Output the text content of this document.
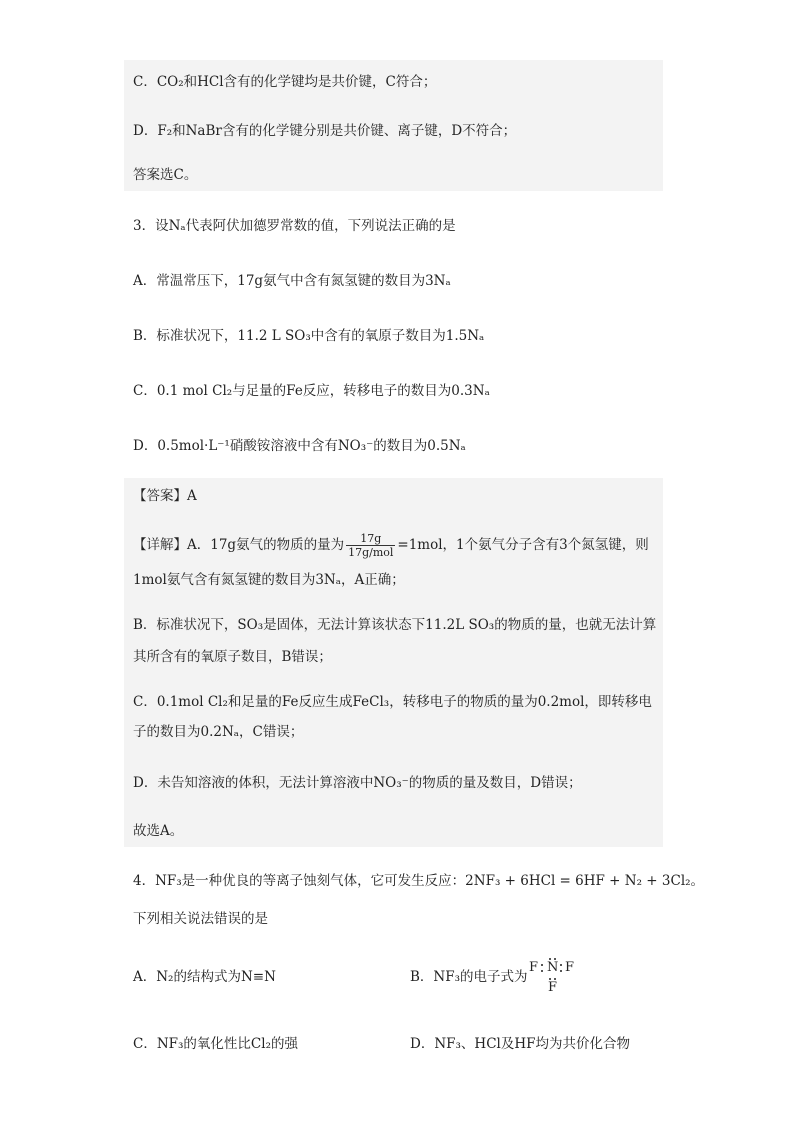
C．CO₂和HCl含有的化学键均是共价键，C符合；
D．F₂和NaBr含有的化学键分别是共价键、离子键，D不符合；
答案选C。
3．设Nₐ代表阿伏加德罗常数的值，下列说法正确的是
A．常温常压下，17g氨气中含有氮氢键的数目为3Nₐ
B．标准状况下，11.2 L SO₃中含有的氧原子数目为1.5Nₐ
C．0.1 mol Cl₂与足量的Fe反应，转移电子的数目为0.3Nₐ
D．0.5mol·L⁻¹硝酸铵溶液中含有NO₃⁻的数目为0.5Nₐ
【答案】A
【详解】A．17g氨气的物质的量为 $\frac{17g}{\text{17g/mol}} =1mol$，1个氨气分子含有3个氮氢键，则
1mol氨气含有氮氢键的数目为3Nₐ，A正确；
B．标准状况下，SO₃是固体，无法计算该状态下11.2L SO₃的物质的量，也就无法计算
其所含有的氧原子数目，B错误；
C．0.1mol Cl₂和足量的Fe反应生成FeCl₃，转移电子的物质的量为0.2mol，即转移电
子的数目为0.2Nₐ，C错误；
D．未告知溶液的体积，无法计算溶液中NO₃⁻的物质的量及数目，D错误；
故选A。
4．NF₃是一种优良的等离子蚀刻气体，它可发生反应：2NF₃ + 6HCl = 6HF + N₂ + 3Cl₂。
下列相关说法错误的是
A．N₂的结构式为N≡N	B．NF₃的电子式为
F N F
F
C．NF₃的氧化性比Cl₂的强	D．NF₃、HCl及HF均为共价化合物
